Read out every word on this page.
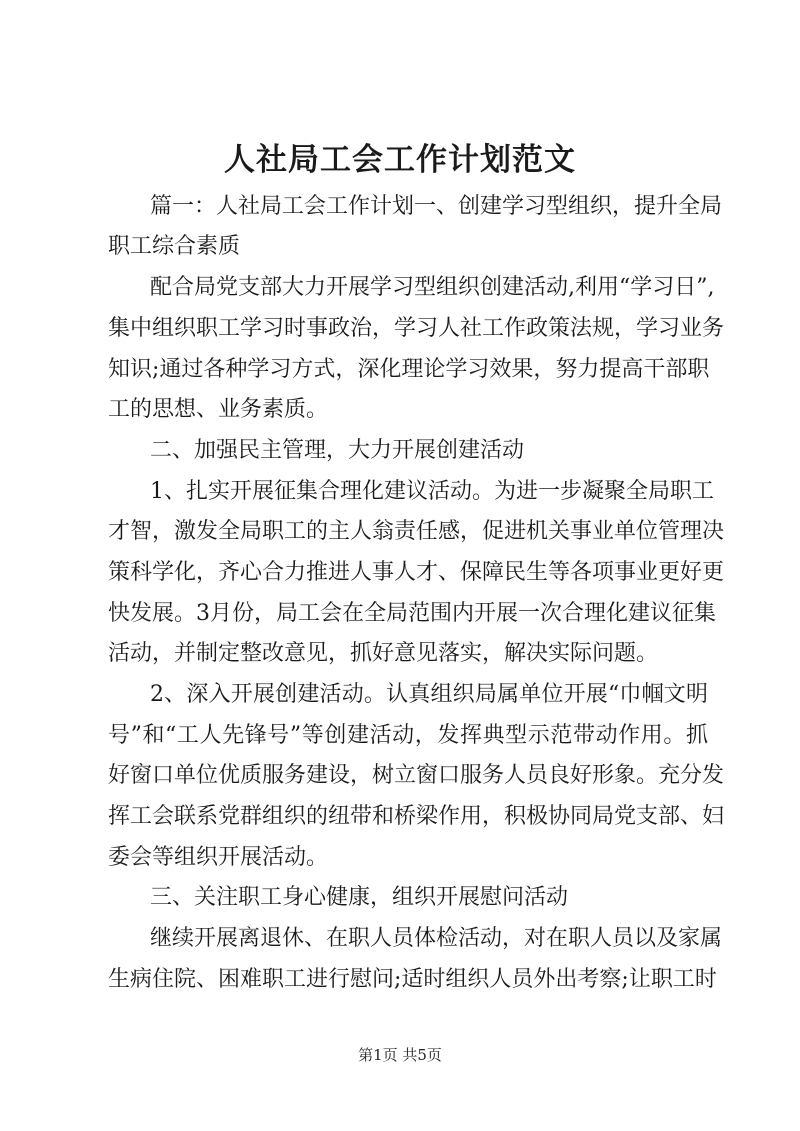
人社局工会工作计划范文
篇一：人社局工会工作计划一、创建学习型组织，提升全局
职工综合素质
配合局党支部大力开展学习型组织创建活动,利用“学习日”,
集中组织职工学习时事政治，学习人社工作政策法规，学习业务
知识;通过各种学习方式，深化理论学习效果，努力提高干部职
工的思想、业务素质。
二、加强民主管理，大力开展创建活动
1、扎实开展征集合理化建议活动。为进一步凝聚全局职工
才智，激发全局职工的主人翁责任感，促进机关事业单位管理决
策科学化，齐心合力推进人事人才、保障民生等各项事业更好更
快发展。3月份，局工会在全局范围内开展一次合理化建议征集
活动，并制定整改意见，抓好意见落实，解决实际问题。
2、深入开展创建活动。认真组织局属单位开展“巾帼文明
号”和“工人先锋号”等创建活动，发挥典型示范带动作用。抓
好窗口单位优质服务建设，树立窗口服务人员良好形象。充分发
挥工会联系党群组织的纽带和桥梁作用，积极协同局党支部、妇
委会等组织开展活动。
三、关注职工身心健康，组织开展慰问活动
继续开展离退休、在职人员体检活动，对在职人员以及家属
生病住院、困难职工进行慰问;适时组织人员外出考察;让职工时
第1页 共5页
